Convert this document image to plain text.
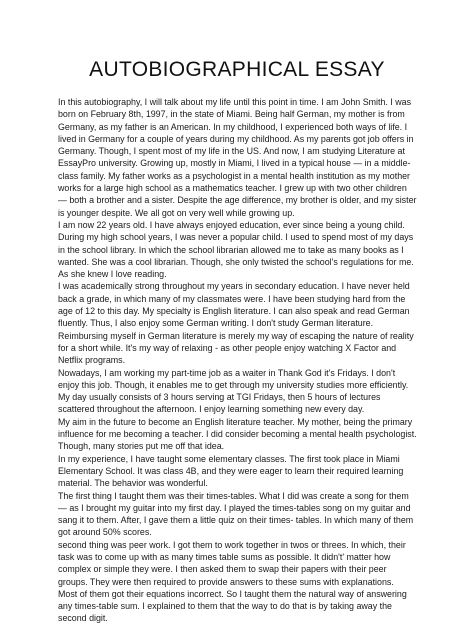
AUTOBIOGRAPHICAL ESSAY

In this autobiography, I will talk about my life until this point in time. I am John Smith. I was born on February 8th, 1997, in the state of Miami. Being half German, my mother is from Germany, as my father is an American. In my childhood, I experienced both ways of life. I lived in Germany for a couple of years during my childhood. As my parents got job offers in Germany. Though, I spent most of my life in the US. And now, I am studying Literature at EssayPro university. Growing up, mostly in Miami, I lived in a typical house — in a middle-class family. My father works as a psychologist in a mental health institution as my mother works for a large high school as a mathematics teacher. I grew up with two other children — both a brother and a sister. Despite the age difference, my brother is older, and my sister is younger despite. We all got on very well while growing up.

I am now 22 years old. I have always enjoyed education, ever since being a young child. During my high school years, I was never a popular child. I used to spend most of my days in the school library. In which the school librarian allowed me to take as many books as I wanted. She was a cool librarian. Though, she only twisted the school's regulations for me. As she knew I love reading.

I was academically strong throughout my years in secondary education. I have never held back a grade, in which many of my classmates were. I have been studying hard from the age of 12 to this day. My specialty is English literature. I can also speak and read German fluently. Thus, I also enjoy some German writing. I don't study German literature. Reimbursing myself in German literature is merely my way of escaping the nature of reality for a short while. It's my way of relaxing - as other people enjoy watching X Factor and Netflix programs.

Nowadays, I am working my part-time job as a waiter in Thank God it's Fridays. I don't enjoy this job. Though, it enables me to get through my university studies more efficiently. My day usually consists of 3 hours serving at TGI Fridays, then 5 hours of lectures scattered throughout the afternoon. I enjoy learning something new every day.

My aim in the future to become an English literature teacher. My mother, being the primary influence for me becoming a teacher. I did consider becoming a mental health psychologist. Though, many stories put me off that idea.

In my experience, I have taught some elementary classes. The first took place in Miami Elementary School. It was class 4B, and they were eager to learn their required learning material. The behavior was wonderful.

The first thing I taught them was their times-tables. What I did was create a song for them — as I brought my guitar into my first day. I played the times-tables song on my guitar and sang it to them. After, I gave them a little quiz on their times- tables. In which many of them got around 50% scores.

second thing was peer work. I got them to work together in twos or threes. In which, their task was to come up with as many times table sums as possible. It didn't' matter how complex or simple they were. I then asked them to swap their papers with their peer groups. They were then required to provide answers to these sums with explanations.

Most of them got their equations incorrect. So I taught them the natural way of answering any times-table sum. I explained to them that the way to do that is by taking away the second digit.
